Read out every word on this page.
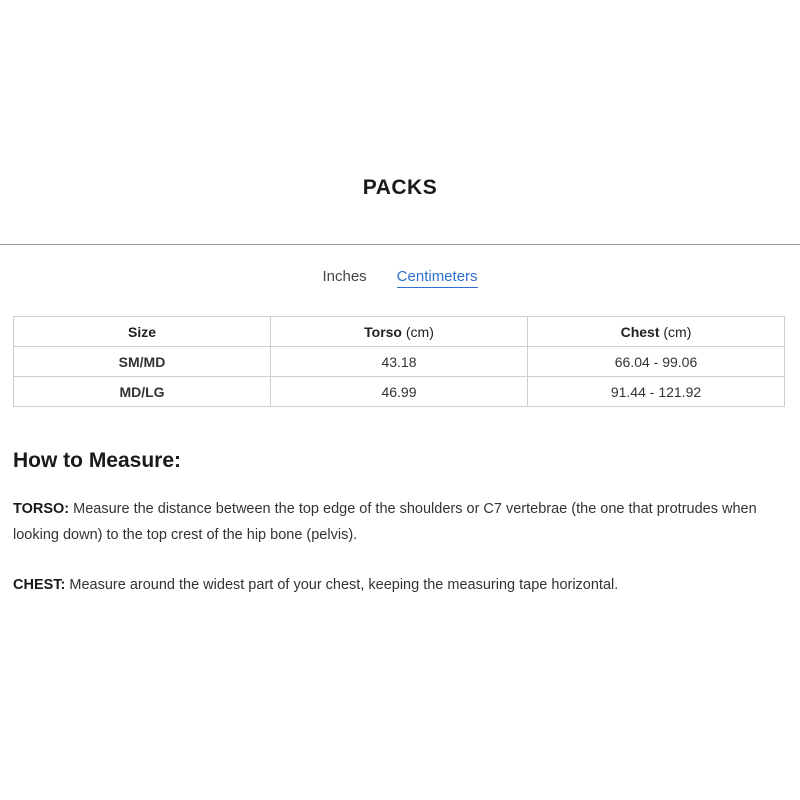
PACKS
Inches Centimeters
Size	Torso (cm)	Chest (cm)
SM/MD	43.18	66.04 - 99.06
MD/LG	46.99	91.44 - 121.92
How to Measure:

TORSO: Measure the distance between the top edge of the shoulders or C7 vertebrae (the one that protrudes when looking down) to the top crest of the hip bone (pelvis).

CHEST: Measure around the widest part of your chest, keeping the measuring tape horizontal.
